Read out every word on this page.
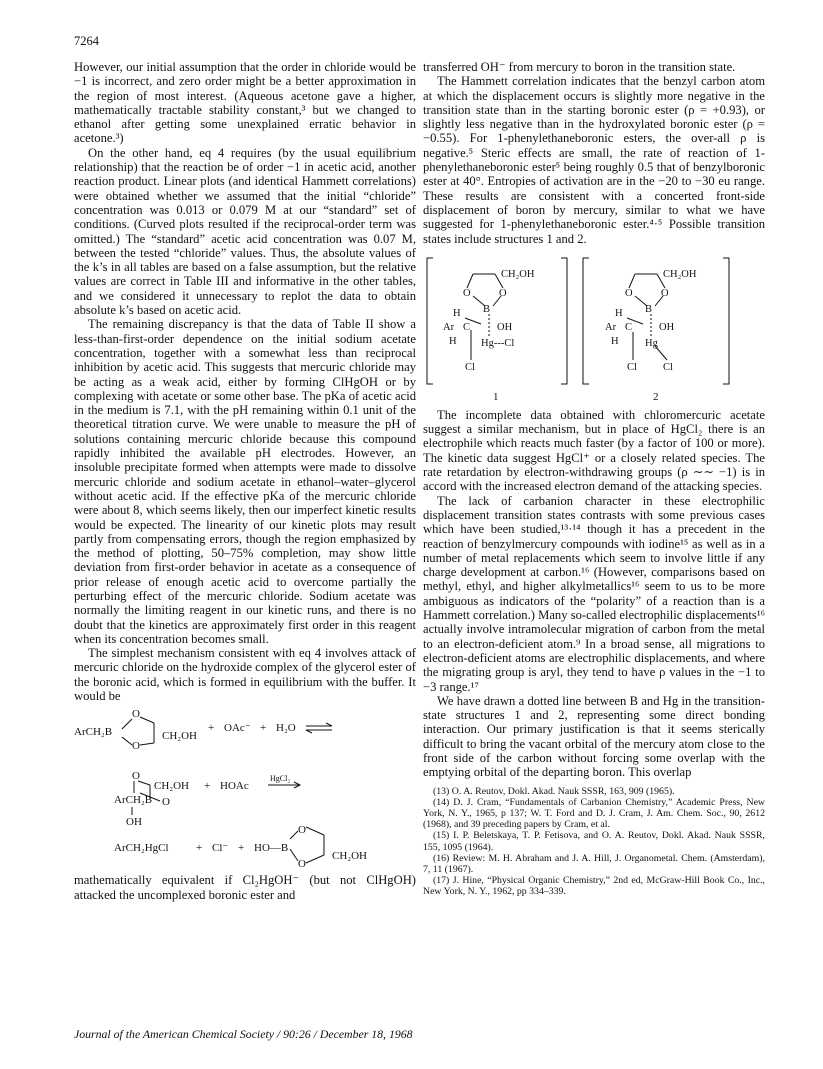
7264

However, our initial assumption that the order in chloride would be −1 is incorrect, and zero order might be a better approximation in the region of most interest. (Aqueous acetone gave a higher, mathematically tractable stability constant,³ but we changed to ethanol after getting some unexplained erratic behavior in acetone.³)

On the other hand, eq 4 requires (by the usual equilibrium relationship) that the reaction be of order −1 in acetic acid, another reaction product. Linear plots (and identical Hammett correlations) were obtained whether we assumed that the initial “chloride” concentration was 0.013 or 0.079 M at our “standard” set of conditions. (Curved plots resulted if the reciprocal-order term was omitted.) The “standard” acetic acid concentration was 0.07 M, between the tested “chloride” values. Thus, the absolute values of the k’s in all tables are based on a false assumption, but the relative values are correct in Table III and informative in the other tables, and we considered it unnecessary to replot the data to obtain absolute k’s based on acetic acid.

The remaining discrepancy is that the data of Table II show a less-than-first-order dependence on the initial sodium acetate concentration, together with a somewhat less than reciprocal inhibition by acetic acid. This suggests that mercuric chloride may be acting as a weak acid, either by forming ClHgOH or by complexing with acetate or some other base. The pKa of acetic acid in the medium is 7.1, with the pH remaining within 0.1 unit of the theoretical titration curve. We were unable to measure the pH of solutions containing mercuric chloride because this compound rapidly inhibited the available pH electrodes. However, an insoluble precipitate formed when attempts were made to dissolve mercuric chloride and sodium acetate in ethanol–water–glycerol without acetic acid. If the effective pKa of the mercuric chloride were about 8, which seems likely, then our imperfect kinetic results would be expected. The linearity of our kinetic plots may result partly from compensating errors, though the region emphasized by the method of plotting, 50–75% completion, may show little deviation from first-order behavior in acetate as a consequence of prior release of enough acetic acid to overcome partially the perturbing effect of the mercuric chloride. Sodium acetate was normally the limiting reagent in our kinetic runs, and there is no doubt that the kinetics are approximately first order in this reagent when its concentration becomes small.

The simplest mechanism consistent with eq 4 involves attack of mercuric chloride on the hydroxide complex of the glycerol ester of the boronic acid, which is formed in equilibrium with the buffer. It would be

ArCH₂B
O
O
CH₂OH
+ OAc⁻ + H₂O
O
CH₂OH + HOAc
HgCl₂
ArCH₂B O
OH
ArCH₂HgCl + Cl⁻ + HO—B
O
O
CH₂OH

mathematically equivalent if Cl₂HgOH⁻ (but not ClHgOH) attacked the uncomplexed boronic ester and

transferred OH⁻ from mercury to boron in the transition state.

The Hammett correlation indicates that the benzyl carbon atom at which the displacement occurs is slightly more negative in the transition state than in the starting boronic ester (ρ = +0.93), or slightly less negative than in the hydroxylated boronic ester (ρ = −0.55). For 1-phenylethaneboronic esters, the over-all ρ is negative.⁵ Steric effects are small, the rate of reaction of 1-phenylethaneboronic ester⁵ being roughly 0.5 that of benzylboronic ester at 40°. Entropies of activation are in the −20 to −30 eu range. These results are consistent with a concerted front-side displacement of boron by mercury, similar to what we have suggested for 1-phenylethaneboronic ester.⁴·⁵ Possible transition states include structures 1 and 2.

CH₂OH
O	O
B
H
Ar C	OH
H Hg---Cl
Cl
1
CH₂OH
O	O
B
H
Ar C	OH
H	Hg
Cl Cl
2

The incomplete data obtained with chloromercuric acetate suggest a similar mechanism, but in place of HgCl₂ there is an electrophile which reacts much faster (by a factor of 100 or more). The kinetic data suggest HgCl⁺ or a closely related species. The rate retardation by electron-withdrawing groups (ρ ∼∼ −1) is in accord with the increased electron demand of the attacking species.

The lack of carbanion character in these electrophilic displacement transition states contrasts with some previous cases which have been studied,¹³·¹⁴ though it has a precedent in the reaction of benzylmercury compounds with iodine¹⁵ as well as in a number of metal replacements which seem to involve little if any charge development at carbon.¹⁶ (However, comparisons based on methyl, ethyl, and higher alkylmetallics¹⁶ seem to us to be more ambiguous as indicators of the “polarity” of a reaction than is a Hammett correlation.) Many so-called electrophilic displacements¹⁶ actually involve intramolecular migration of carbon from the metal to an electron-deficient atom.⁹ In a broad sense, all migrations to electron-deficient atoms are electrophilic displacements, and where the migrating group is aryl, they tend to have ρ values in the −1 to −3 range.¹⁷

We have drawn a dotted line between B and Hg in the transition-state structures 1 and 2, representing some direct bonding interaction. Our primary justification is that it seems sterically difficult to bring the vacant orbital of the mercury atom close to the front side of the carbon without forcing some overlap with the emptying orbital of the departing boron. This overlap

(13) O. A. Reutov, Dokl. Akad. Nauk SSSR, 163, 909 (1965).
(14) D. J. Cram, “Fundamentals of Carbanion Chemistry,” Academic Press, New York, N. Y., 1965, p 137; W. T. Ford and D. J. Cram, J. Am. Chem. Soc., 90, 2612 (1968), and 39 preceding papers by Cram, et al.
(15) I. P. Beletskaya, T. P. Fetisova, and O. A. Reutov, Dokl. Akad. Nauk SSSR, 155, 1095 (1964).
(16) Review: M. H. Abraham and J. A. Hill, J. Organometal. Chem. (Amsterdam), 7, 11 (1967).
(17) J. Hine, “Physical Organic Chemistry,” 2nd ed, McGraw-Hill Book Co., Inc., New York, N. Y., 1962, pp 334–339.
Journal of the American Chemical Society / 90:26 / December 18, 1968
